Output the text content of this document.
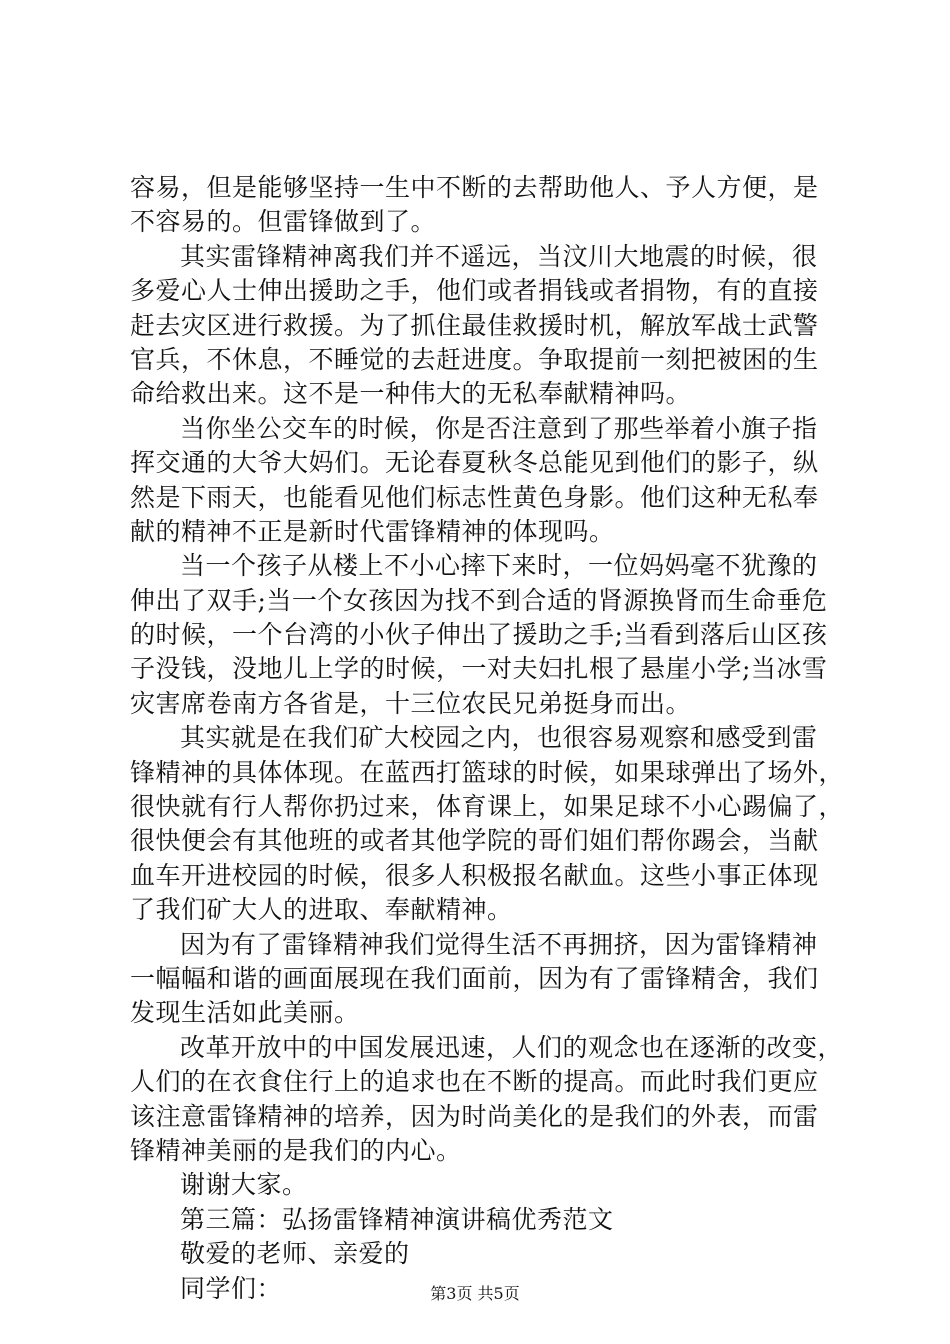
容易，但是能够坚持一生中不断的去帮助他人、予人方便，是
不容易的。但雷锋做到了。
其实雷锋精神离我们并不遥远，当汶川大地震的时候，很
多爱心人士伸出援助之手，他们或者捐钱或者捐物，有的直接
赶去灾区进行救援。为了抓住最佳救援时机，解放军战士武警
官兵，不休息，不睡觉的去赶进度。争取提前一刻把被困的生
命给救出来。这不是一种伟大的无私奉献精神吗。
当你坐公交车的时候，你是否注意到了那些举着小旗子指
挥交通的大爷大妈们。无论春夏秋冬总能见到他们的影子，纵
然是下雨天，也能看见他们标志性黄色身影。他们这种无私奉
献的精神不正是新时代雷锋精神的体现吗。
当一个孩子从楼上不小心摔下来时，一位妈妈毫不犹豫的
伸出了双手;当一个女孩因为找不到合适的肾源换肾而生命垂危
的时候，一个台湾的小伙子伸出了援助之手;当看到落后山区孩
子没钱，没地儿上学的时候，一对夫妇扎根了悬崖小学;当冰雪
灾害席卷南方各省是，十三位农民兄弟挺身而出。
其实就是在我们矿大校园之内，也很容易观察和感受到雷
锋精神的具体体现。在蓝西打篮球的时候，如果球弹出了场外，
很快就有行人帮你扔过来，体育课上，如果足球不小心踢偏了，
很快便会有其他班的或者其他学院的哥们姐们帮你踢会，当献
血车开进校园的时候，很多人积极报名献血。这些小事正体现
了我们矿大人的进取、奉献精神。
因为有了雷锋精神我们觉得生活不再拥挤，因为雷锋精神
一幅幅和谐的画面展现在我们面前，因为有了雷锋精舍，我们
发现生活如此美丽。
改革开放中的中国发展迅速，人们的观念也在逐渐的改变，
人们的在衣食住行上的追求也在不断的提高。而此时我们更应
该注意雷锋精神的培养，因为时尚美化的是我们的外表，而雷
锋精神美丽的是我们的内心。
谢谢大家。
第三篇：弘扬雷锋精神演讲稿优秀范文
敬爱的老师、亲爱的
同学们：	第3页 共5页
